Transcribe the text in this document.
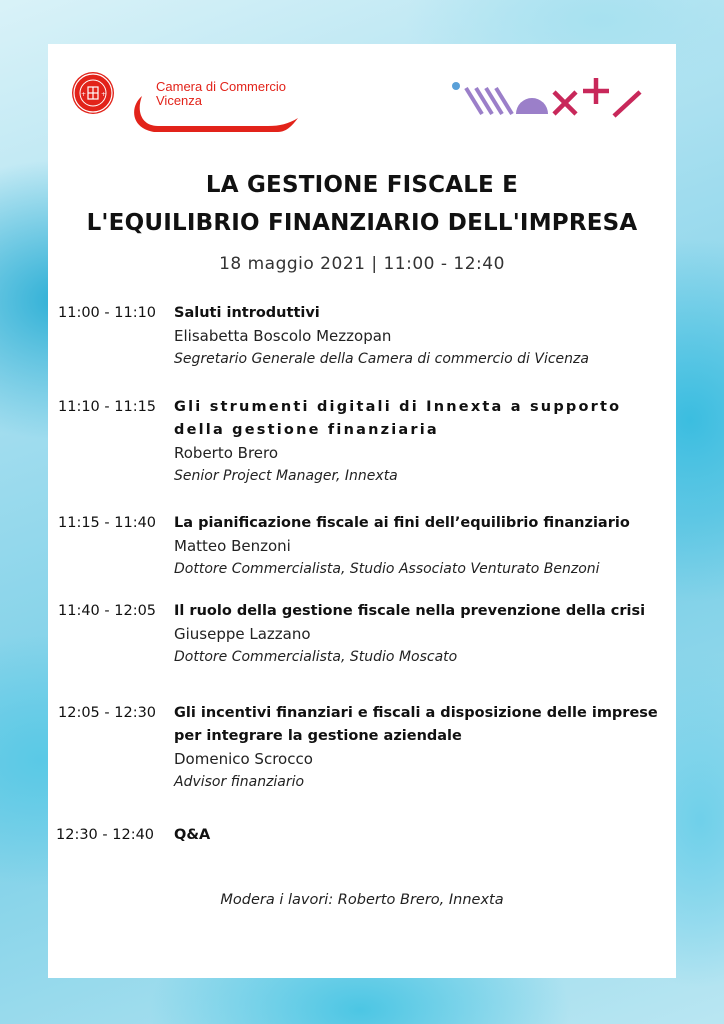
+ +
Camera di Commercio
Vicenza
LA GESTIONE FISCALE E
L'EQUILIBRIO FINANZIARIO DELL'IMPRESA
18 maggio 2021 | 11:00 - 12:40
11:00 - 11:10	Saluti introduttivi
Elisabetta Boscolo Mezzopan
Segretario Generale della Camera di commercio di Vicenza
11:10 - 11:15	Gli strumenti digitali di Innexta a supporto
della gestione finanziaria
Roberto Brero
Senior Project Manager, Innexta
11:15 - 11:40	La pianificazione fiscale ai fini dell’equilibrio finanziario
Matteo Benzoni
Dottore Commercialista, Studio Associato Venturato Benzoni
11:40 - 12:05	Il ruolo della gestione fiscale nella prevenzione della crisi
Giuseppe Lazzano
Dottore Commercialista, Studio Moscato
12:05 - 12:30	Gli incentivi finanziari e fiscali a disposizione delle imprese
per integrare la gestione aziendale
Domenico Scrocco
Advisor finanziario
12:30 - 12:40	Q&A
Modera i lavori: Roberto Brero, Innexta
